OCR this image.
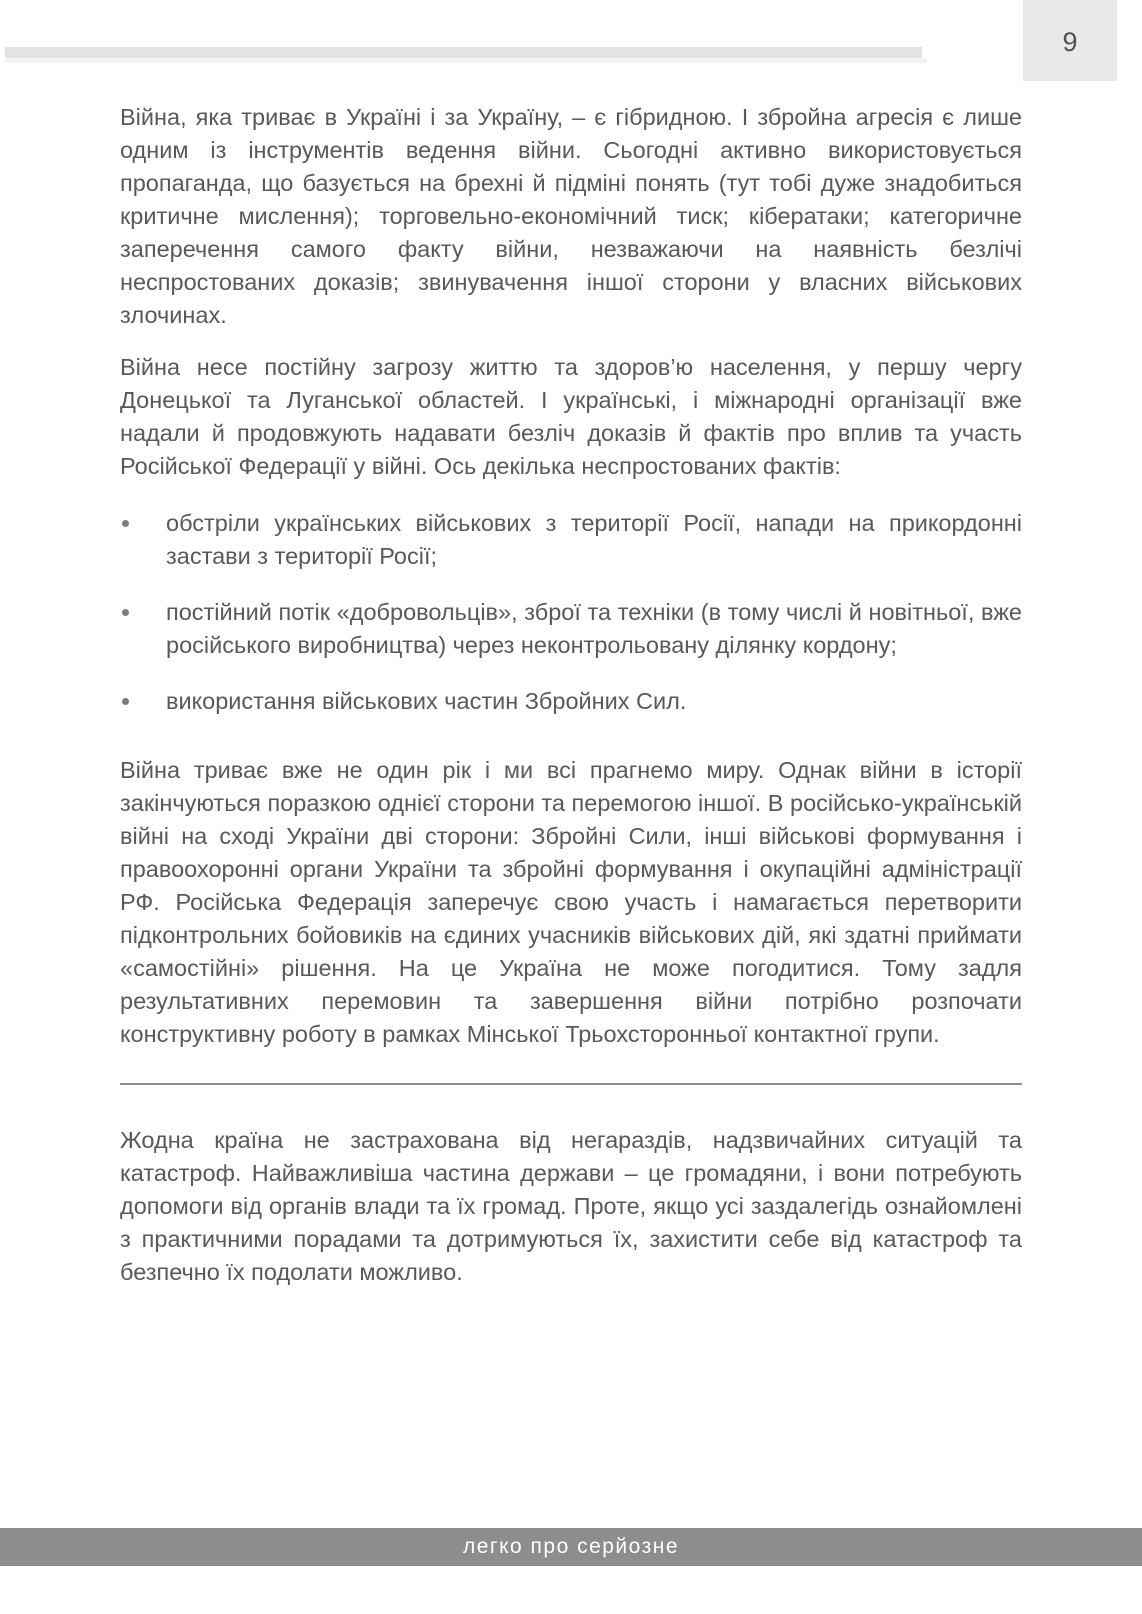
9

Війна, яка триває в Україні і за Україну, – є гібридною. І збройна агресія є лише одним із інструментів ведення війни. Сьогодні активно використовується пропаганда, що базується на брехні й підміні понять (тут тобі дуже знадобиться критичне мислення); торговельно-економічний тиск; кібератаки; категоричне заперечення самого факту війни, незважаючи на наявність безлічі неспростованих доказів; звинувачення іншої сторони у власних військових злочинах.

Війна несе постійну загрозу життю та здоров’ю населення, у першу чергу Донецької та Луганської областей. І українські, і міжнародні організації вже надали й продовжують надавати безліч доказів й фактів про вплив та участь Російської Федерації у війні. Ось декілька неспростованих фактів:

обстріли українських військових з території Росії, напади на прикордонні застави з території Росії;
постійний потік «добровольців», зброї та техніки (в тому числі й новітньої, вже російського виробництва) через неконтрольовану ділянку кордону;
використання військових частин Збройних Сил.

Війна триває вже не один рік і ми всі прагнемо миру. Однак війни в історії закінчуються поразкою однієї сторони та перемогою іншої. В російсько-українській війні на сході України дві сторони: Збройні Сили, інші військові формування і правоохоронні органи України та збройні формування і окупаційні адміністрації РФ. Російська Федерація заперечує свою участь і намагається перетворити підконтрольних бойовиків на єдиних учасників військових дій, які здатні приймати «самостійні» рішення. На це Україна не може погодитися. Тому задля результативних перемовин та завершення війни потрібно розпочати конструктивну роботу в рамках Мінської Трьохсторонньої контактної групи.

Жодна країна не застрахована від негараздів, надзвичайних ситуацій та катастроф. Найважливіша частина держави – це громадяни, і вони потребують допомоги від органів влади та їх громад. Проте, якщо усі заздалегідь ознайомлені з практичними порадами та дотримуються їх, захистити себе від катастроф та безпечно їх подолати можливо.

легко про серйозне
